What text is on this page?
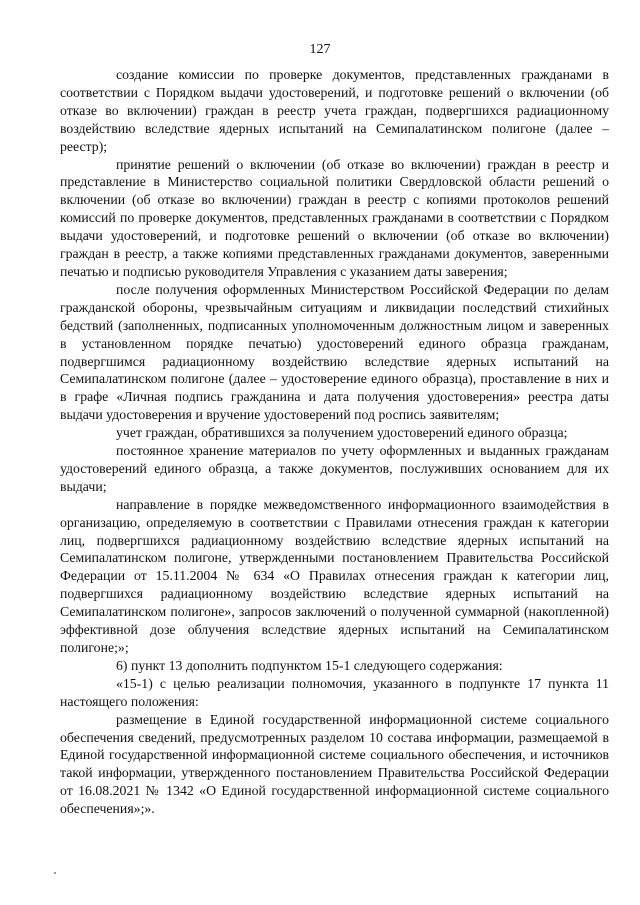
127

создание комиссии по проверке документов, представленных гражданами в соответствии с Порядком выдачи удостоверений, и подготовке решений о включении (об отказе во включении) граждан в реестр учета граждан, подвергшихся радиационному воздействию вследствие ядерных испытаний на Семипалатинском полигоне (далее – реестр);

принятие решений о включении (об отказе во включении) граждан в реестр и представление в Министерство социальной политики Свердловской области решений о включении (об отказе во включении) граждан в реестр с копиями протоколов решений комиссий по проверке документов, представленных гражданами в соответствии с Порядком выдачи удостоверений, и подготовке решений о включении (об отказе во включении) граждан в реестр, а также копиями представленных гражданами документов, заверенными печатью и подписью руководителя Управления с указанием даты заверения;

после получения оформленных Министерством Российской Федерации по делам гражданской обороны, чрезвычайным ситуациям и ликвидации последствий стихийных бедствий (заполненных, подписанных уполномоченным должностным лицом и заверенных в установленном порядке печатью) удостоверений единого образца гражданам, подвергшимся радиационному воздействию вследствие ядерных испытаний на Семипалатинском полигоне (далее – удостоверение единого образца), проставление в них и в графе «Личная подпись гражданина и дата получения удостоверения» реестра даты выдачи удостоверения и вручение удостоверений под роспись заявителям;

учет граждан, обратившихся за получением удостоверений единого образца;

постоянное хранение материалов по учету оформленных и выданных гражданам удостоверений единого образца, а также документов, послуживших основанием для их выдачи;

направление в порядке межведомственного информационного взаимодействия в организацию, определяемую в соответствии с Правилами отнесения граждан к категории лиц, подвергшихся радиационному воздействию вследствие ядерных испытаний на Семипалатинском полигоне, утвержденными постановлением Правительства Российской Федерации от 15.11.2004 № 634 «О Правилах отнесения граждан к категории лиц, подвергшихся радиационному воздействию вследствие ядерных испытаний на Семипалатинском полигоне», запросов заключений о полученной суммарной (накопленной) эффективной дозе облучения вследствие ядерных испытаний на Семипалатинском полигоне;»;

6) пункт 13 дополнить подпунктом 15-1 следующего содержания:

«15-1) с целью реализации полномочия, указанного в подпункте 17 пункта 11 настоящего положения:

размещение в Единой государственной информационной системе социального обеспечения сведений, предусмотренных разделом 10 состава информации, размещаемой в Единой государственной информационной системе социального обеспечения, и источников такой информации, утвержденного постановлением Правительства Российской Федерации от 16.08.2021 № 1342 «О Единой государственной информационной системе социального обеспечения»;».
